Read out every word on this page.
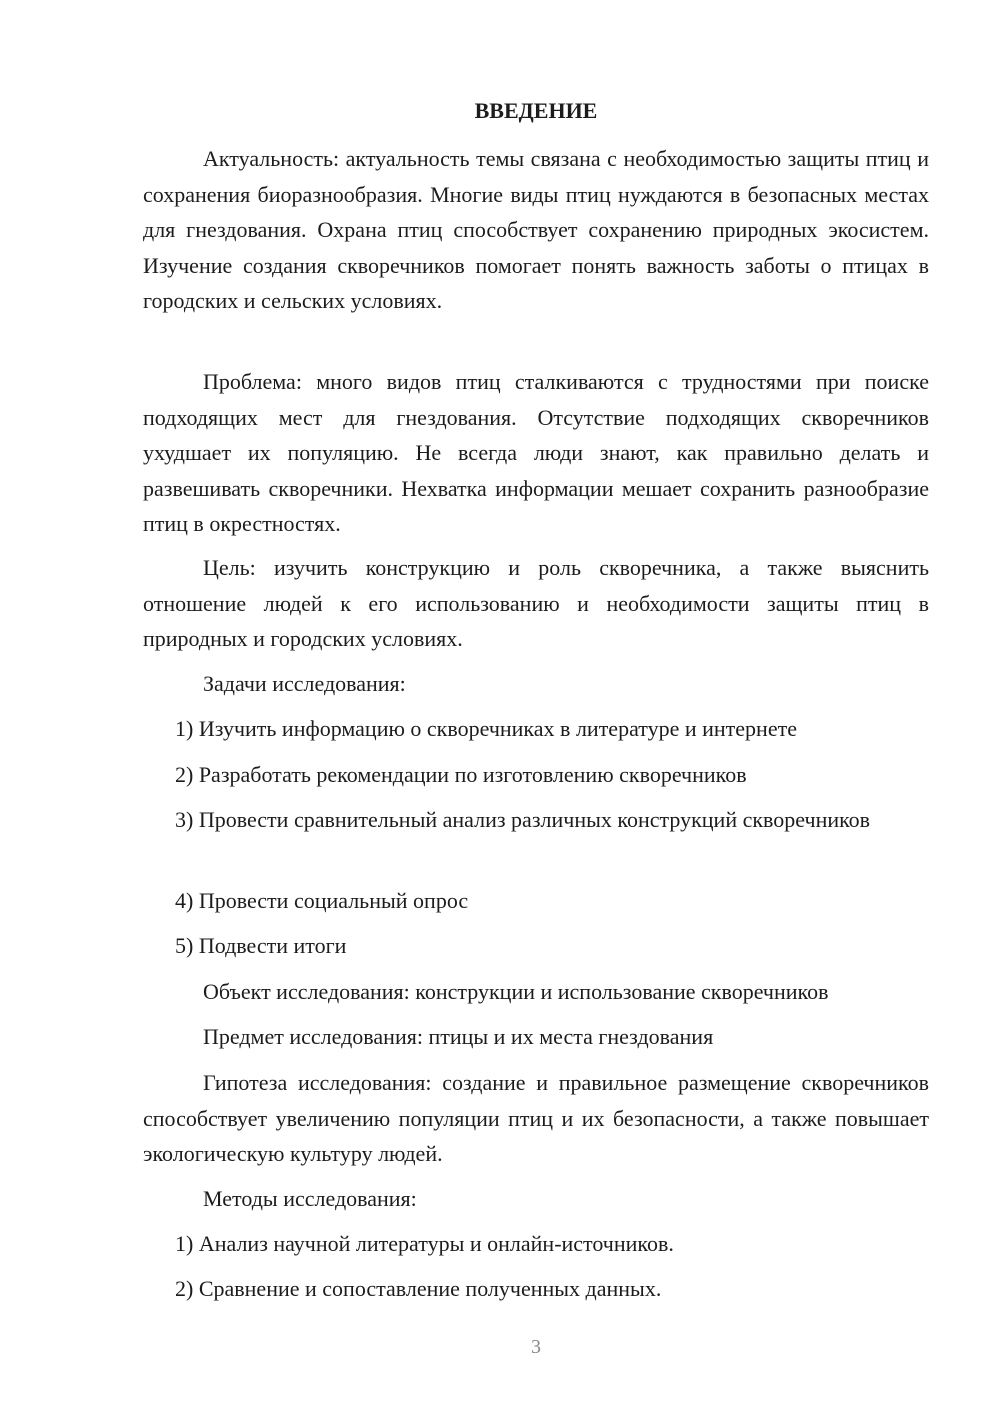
ВВЕДЕНИЕ

Актуальность: актуальность темы связана с необходимостью защиты птиц и сохранения биоразнообразия. Многие виды птиц нуждаются в безопасных местах для гнездования. Охрана птиц способствует сохранению природных экосистем. Изучение создания скворечников помогает понять важность заботы о птицах в городских и сельских условиях.

Проблема: много видов птиц сталкиваются с трудностями при поиске подходящих мест для гнездования. Отсутствие подходящих скворечников ухудшает их популяцию. Не всегда люди знают, как правильно делать и развешивать скворечники. Нехватка информации мешает сохранить разнообразие птиц в окрестностях.

Цель: изучить конструкцию и роль скворечника, а также выяснить отношение людей к его использованию и необходимости защиты птиц в природных и городских условиях.

Задачи исследования:

1) Изучить информацию о скворечниках в литературе и интернете

2) Разработать рекомендации по изготовлению скворечников

3) Провести сравнительный анализ различных конструкций скворечников

4) Провести социальный опрос

5) Подвести итоги

Объект исследования: конструкции и использование скворечников

Предмет исследования: птицы и их места гнездования

Гипотеза исследования: создание и правильное размещение скворечников способствует увеличению популяции птиц и их безопасности, а также повышает экологическую культуру людей.

Методы исследования:

1) Анализ научной литературы и онлайн-источников.

2) Сравнение и сопоставление полученных данных.

3
